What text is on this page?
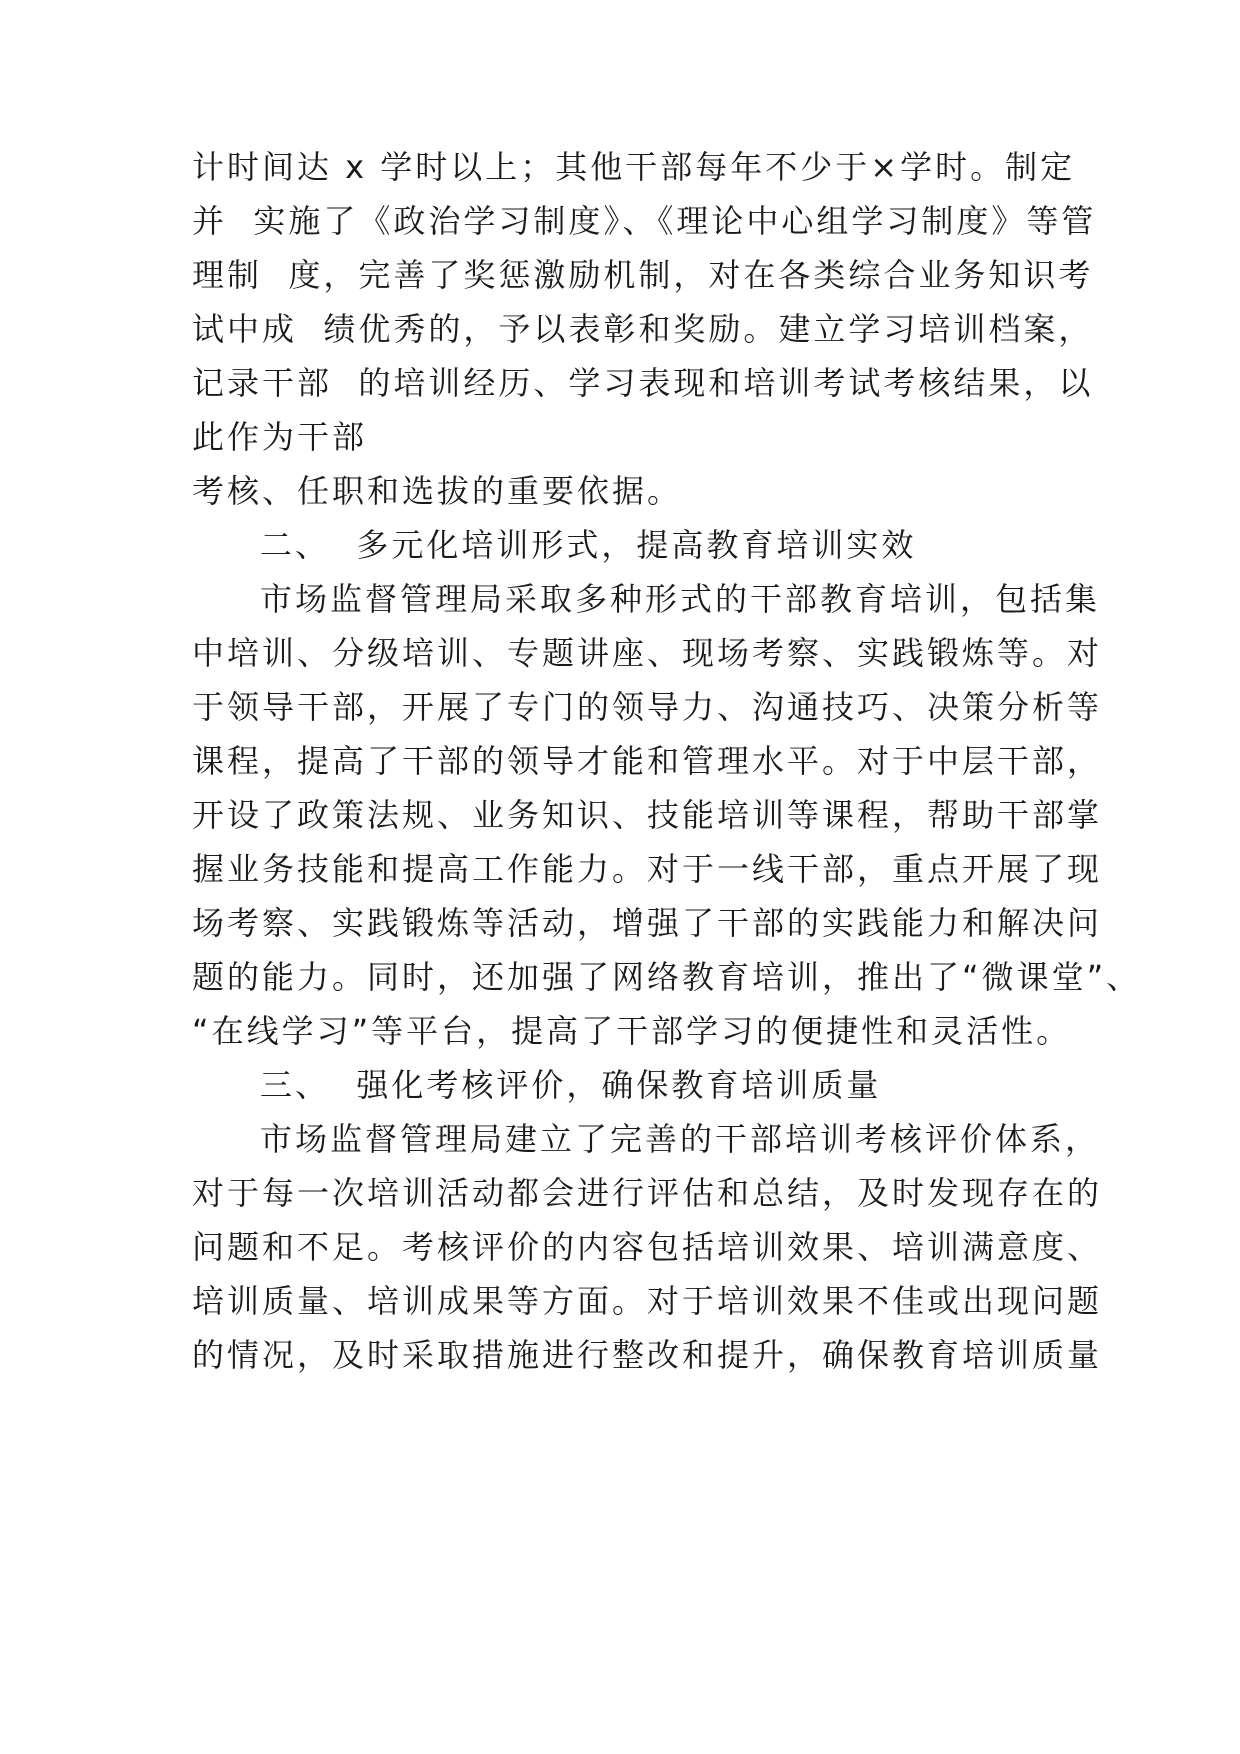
计时间达 x 学时以上；其他干部每年不少于×学时。制定
并  实施了《政治学习制度》、《理论中心组学习制度》等管
理制  度，完善了奖惩激励机制，对在各类综合业务知识考
试中成  绩优秀的，予以表彰和奖励。建立学习培训档案，
记录干部  的培训经历、学习表现和培训考试考核结果，以
此作为干部
考核、任职和选拔的重要依据。
二、  多元化培训形式，提高教育培训实效
市场监督管理局采取多种形式的干部教育培训，包括集
中培训、分级培训、专题讲座、现场考察、实践锻炼等。对
于领导干部，开展了专门的领导力、沟通技巧、决策分析等
课程，提高了干部的领导才能和管理水平。对于中层干部，
开设了政策法规、业务知识、技能培训等课程，帮助干部掌
握业务技能和提高工作能力。对于一线干部，重点开展了现
场考察、实践锻炼等活动，增强了干部的实践能力和解决问
题的能力。同时，还加强了网络教育培训，推出了“微课堂”、
“在线学习”等平台，提高了干部学习的便捷性和灵活性。
三、  强化考核评价，确保教育培训质量
市场监督管理局建立了完善的干部培训考核评价体系，
对于每一次培训活动都会进行评估和总结，及时发现存在的
问题和不足。考核评价的内容包括培训效果、培训满意度、
培训质量、培训成果等方面。对于培训效果不佳或出现问题
的情况，及时采取措施进行整改和提升，确保教育培训质量
